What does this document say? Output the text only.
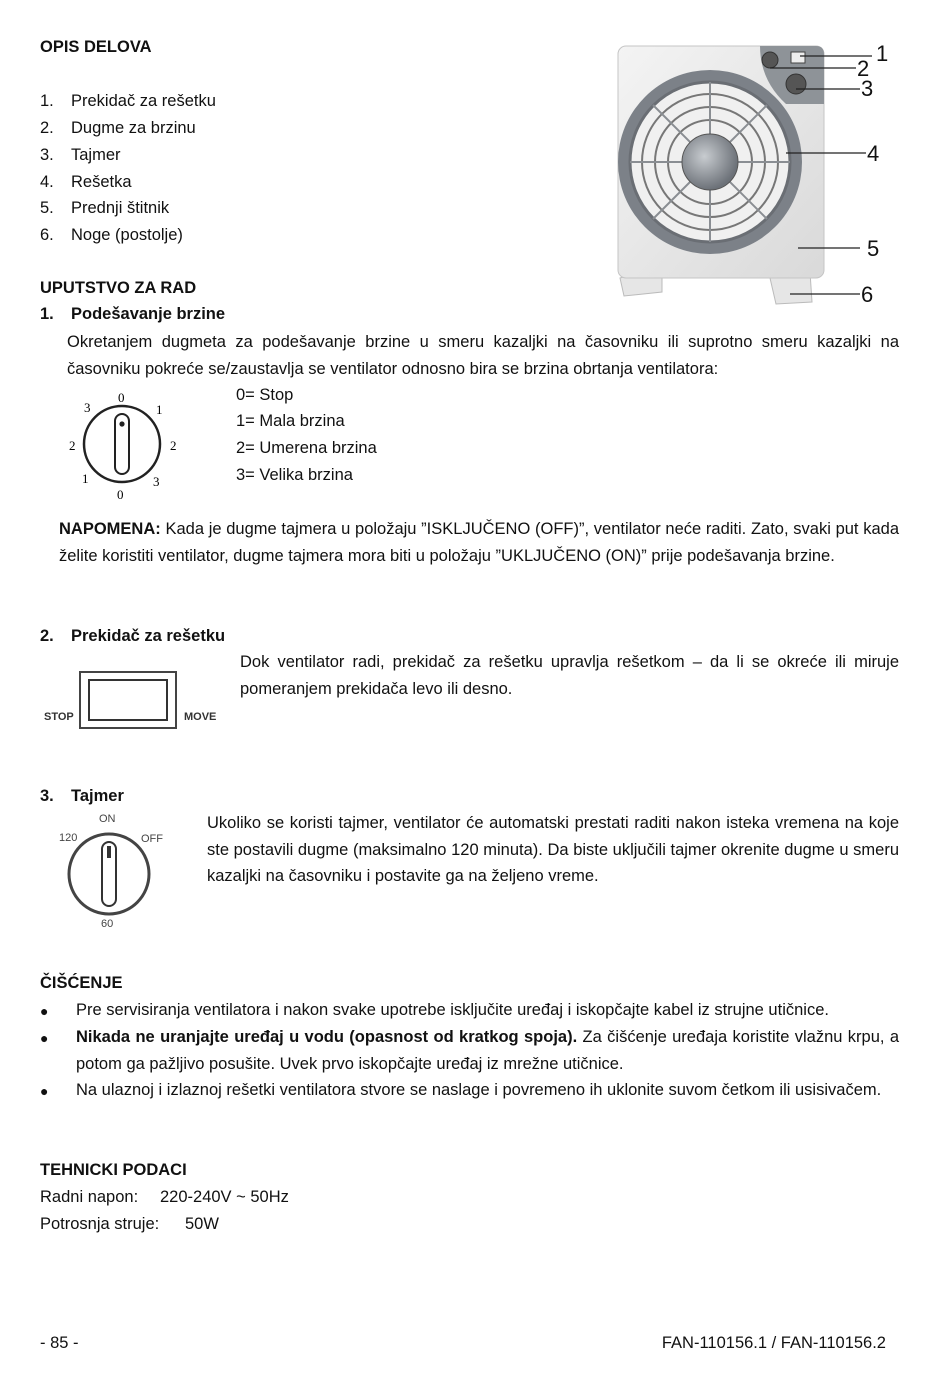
OPIS DELOVA
1. Prekidač za rešetku
2. Dugme za brzinu
3. Tajmer
4. Rešetka
5. Prednji štitnik
6. Noge (postolje)
1
2
3
4
5
6
UPUTSTVO ZA RAD
1. Podešavanje brzine
Okretanjem dugmeta za podešavanje brzine u smeru kazaljki na časovniku ili suprotno smeru kazaljki na časovniku pokreće se/zaustavlja se ventilator odnosno bira se brzina obrtanja ventilatora:
0
3	1
2	2
1	3
0
0= Stop
1= Mala brzina
2= Umerena brzina
3= Velika brzina
NAPOMENA: Kada je dugme tajmera u položaju ”ISKLJUČENO (OFF)”, ventilator neće raditi. Zato, svaki put kada želite koristiti ventilator, dugme tajmera mora biti u položaju ”UKLJUČENO (ON)” prije podešavanja brzine.
2. Prekidač za rešetku
STOP	MOVE
Dok ventilator radi, prekidač za rešetku upravlja rešetkom – da li se okreće ili miruje pomeranjem prekidača levo ili desno.
3. Tajmer
ON
120	OFF
60
Ukoliko se koristi tajmer, ventilator će automatski prestati raditi nakon isteka vremena na koje ste postavili dugme (maksimalno 120 minuta). Da biste uključili tajmer okrenite dugme u smeru kazaljki na časovniku i postavite ga na željeno vreme.
ČIŠĆENJE
● Pre servisiranja ventilatora i nakon svake upotrebe isključite uređaj i iskopčajte kabel iz strujne utičnice.
● Nikada ne uranjajte uređaj u vodu (opasnost od kratkog spoja). Za čišćenje uređaja koristite vlažnu krpu, a potom ga pažljivo posušite. Uvek prvo iskopčajte uređaj iz mrežne utičnice.
● Na ulaznoj i izlaznoj rešetki ventilatora stvore se naslage i povremeno ih uklonite suvom četkom ili usisivačem.
TEHNICKI PODACI
Radni napon: 220-240V ~ 50Hz
Potrosnja struje: 50W
- 85 -	FAN-110156.1 / FAN-110156.2
